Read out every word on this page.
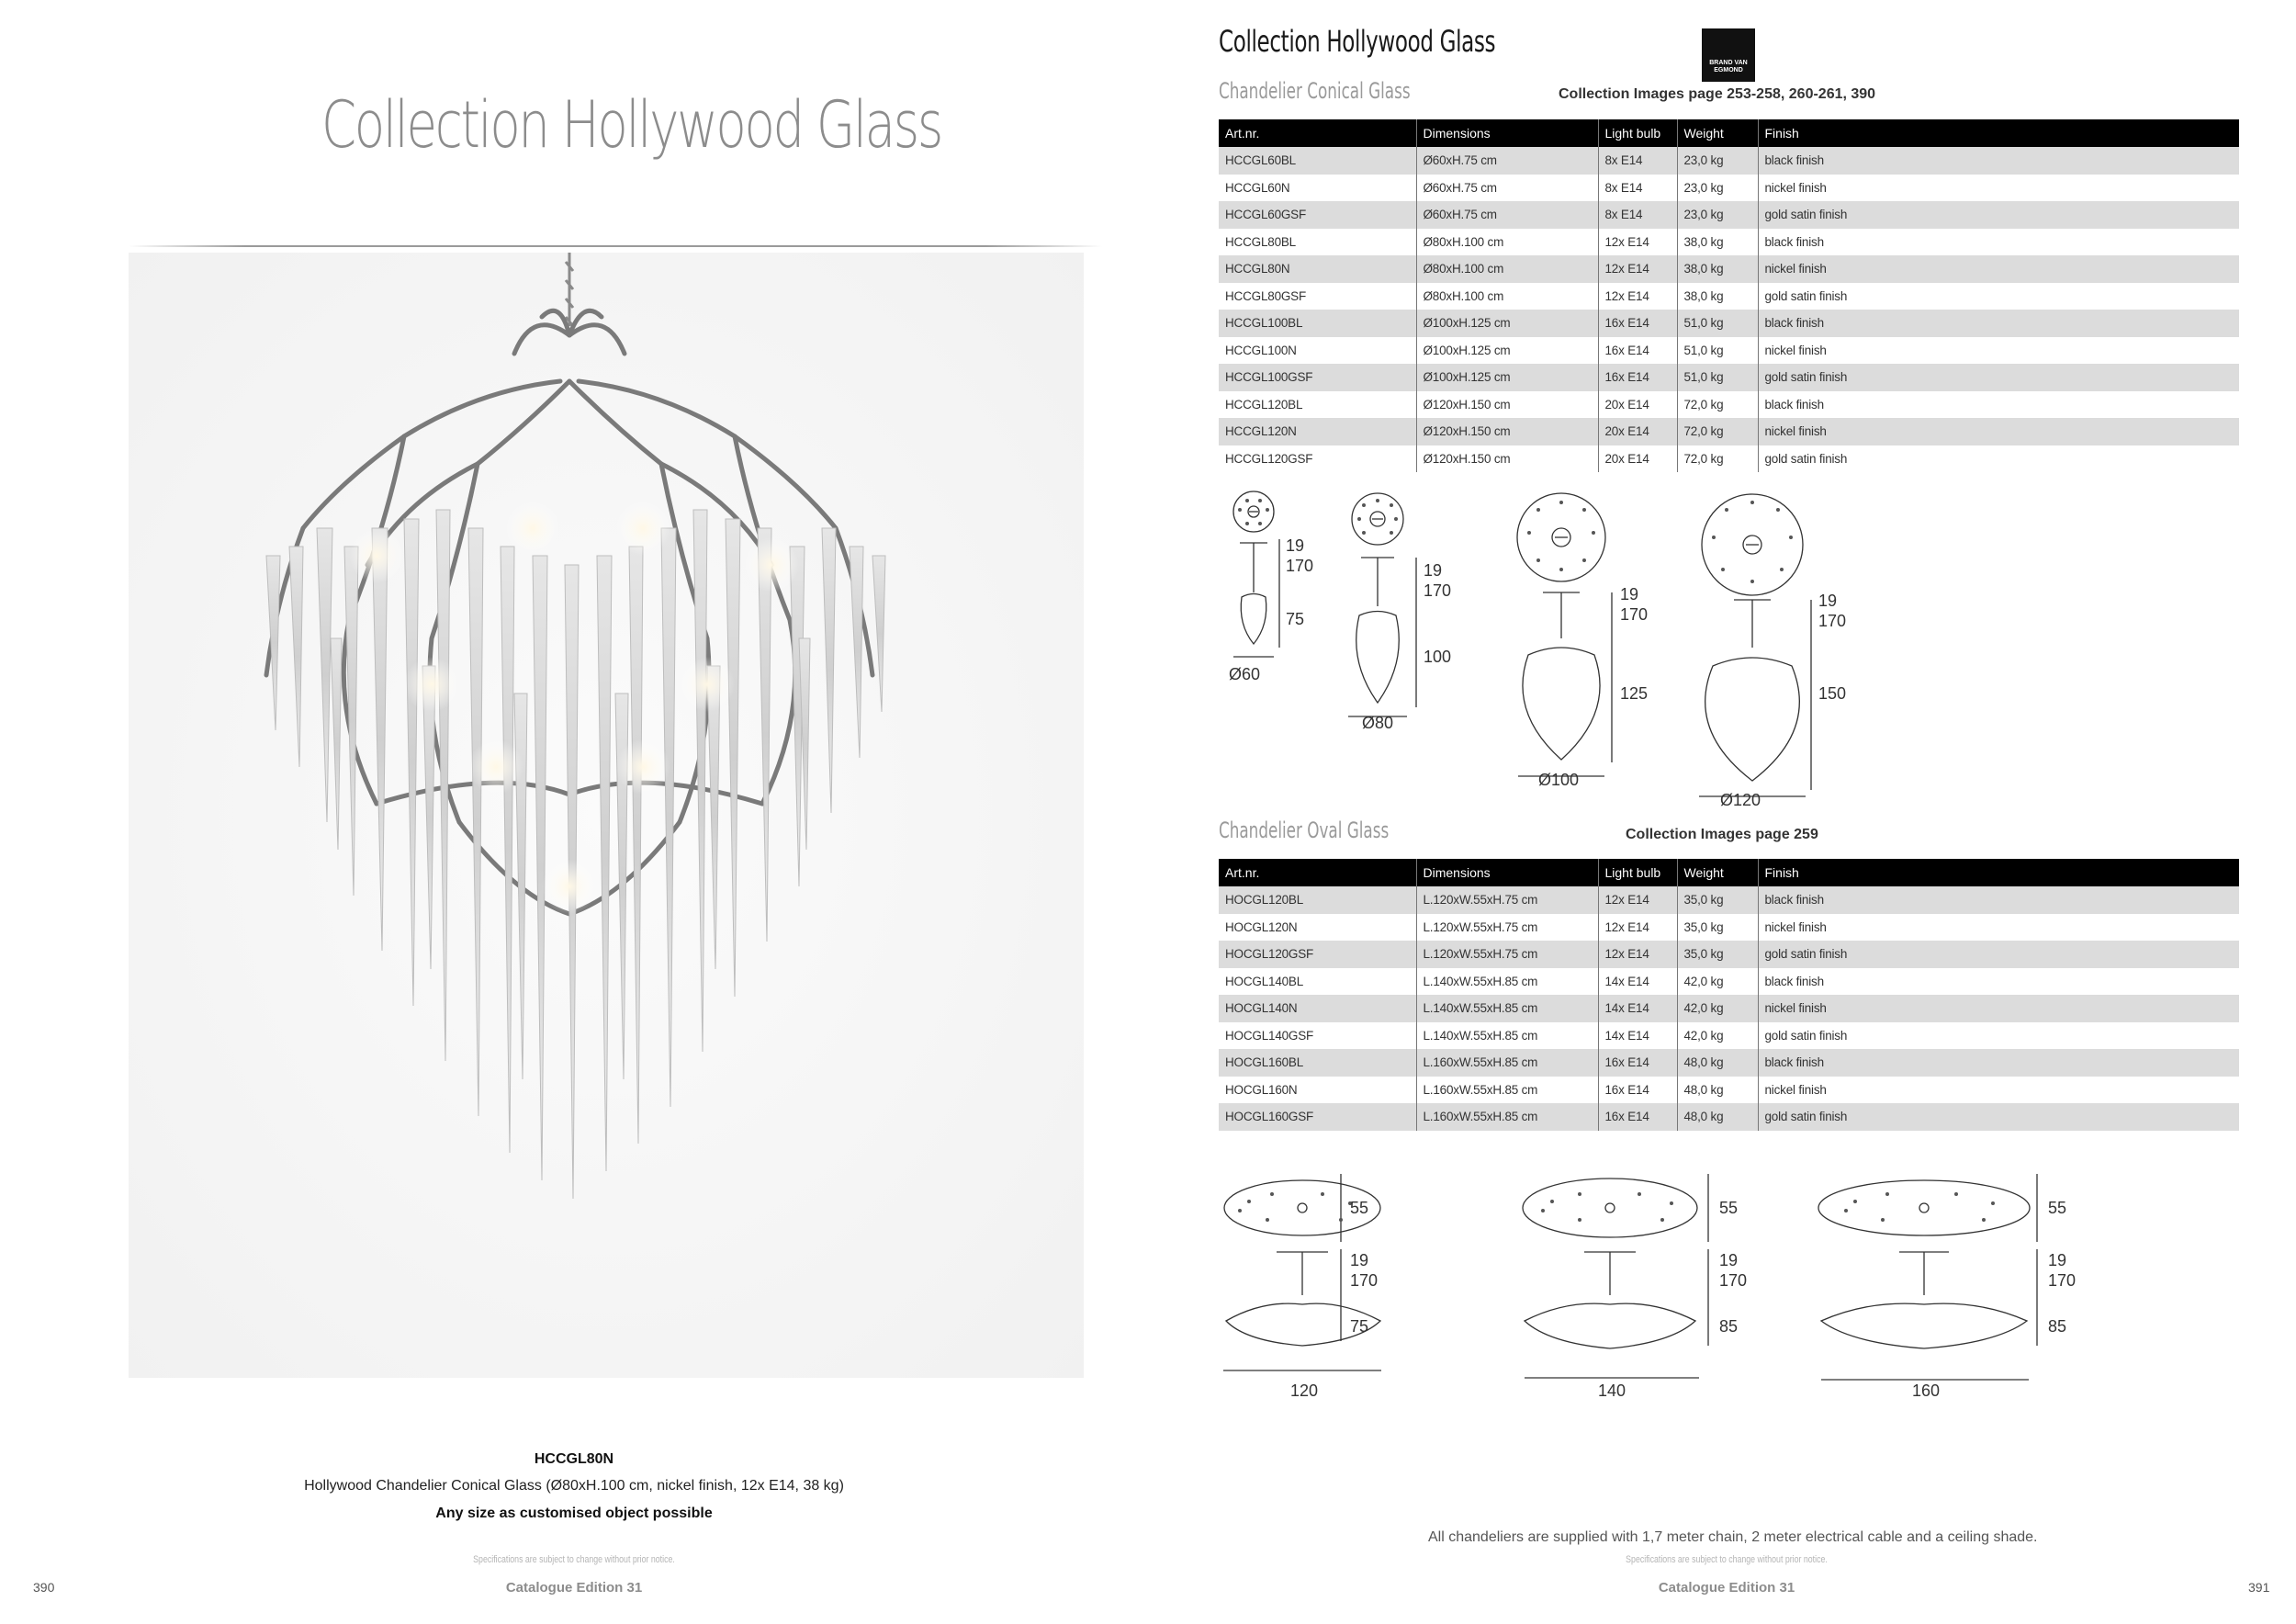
Collection Hollywood Glass
HCCGL80N
Hollywood Chandelier Conical Glass (Ø80xH.100 cm, nickel finish, 12x E14, 38 kg)
Any size as customised object possible
Specifications are subject to change without prior notice.
Catalogue Edition 31
390
Collection Hollywood Glass
BRAND VAN
EGMOND
Chandelier Conical Glass	Collection Images page 253-258, 260-261, 390
Art.nr.	Dimensions	Light bulb	Weight	Finish
HCCGL60BL	Ø60xH.75 cm	8x E14	23,0 kg	black finish
HCCGL60N	Ø60xH.75 cm	8x E14	23,0 kg	nickel finish
HCCGL60GSF	Ø60xH.75 cm	8x E14	23,0 kg	gold satin finish
HCCGL80BL	Ø80xH.100 cm	12x E14	38,0 kg	black finish
HCCGL80N	Ø80xH.100 cm	12x E14	38,0 kg	nickel finish
HCCGL80GSF	Ø80xH.100 cm	12x E14	38,0 kg	gold satin finish
HCCGL100BL	Ø100xH.125 cm	16x E14	51,0 kg	black finish
HCCGL100N	Ø100xH.125 cm	16x E14	51,0 kg	nickel finish
HCCGL100GSF	Ø100xH.125 cm	16x E14	51,0 kg	gold satin finish
HCCGL120BL	Ø120xH.150 cm	20x E14	72,0 kg	black finish
HCCGL120N	Ø120xH.150 cm	20x E14	72,0 kg	nickel finish
HCCGL120GSF	Ø120xH.150 cm	20x E14	72,0 kg	gold satin finish
19
170
75
Ø60
19
170
100
Ø80
19
170
125
Ø100
19
170
150
Ø120
Chandelier Oval Glass	Collection Images page 259
Art.nr.	Dimensions	Light bulb	Weight	Finish
HOCGL120BL	L.120xW.55xH.75 cm	12x E14	35,0 kg	black finish
HOCGL120N	L.120xW.55xH.75 cm	12x E14	35,0 kg	nickel finish
HOCGL120GSF	L.120xW.55xH.75 cm	12x E14	35,0 kg	gold satin finish
HOCGL140BL	L.140xW.55xH.85 cm	14x E14	42,0 kg	black finish
HOCGL140N	L.140xW.55xH.85 cm	14x E14	42,0 kg	nickel finish
HOCGL140GSF	L.140xW.55xH.85 cm	14x E14	42,0 kg	gold satin finish
HOCGL160BL	L.160xW.55xH.85 cm	16x E14	48,0 kg	black finish
HOCGL160N	L.160xW.55xH.85 cm	16x E14	48,0 kg	nickel finish
HOCGL160GSF	L.160xW.55xH.85 cm	16x E14	48,0 kg	gold satin finish
55
19
170
75
120
55
19
170
85
140
55
19
170
85
160
All chandeliers are supplied with 1,7 meter chain, 2 meter electrical cable and a ceiling shade.
Specifications are subject to change without prior notice.
Catalogue Edition 31	391
